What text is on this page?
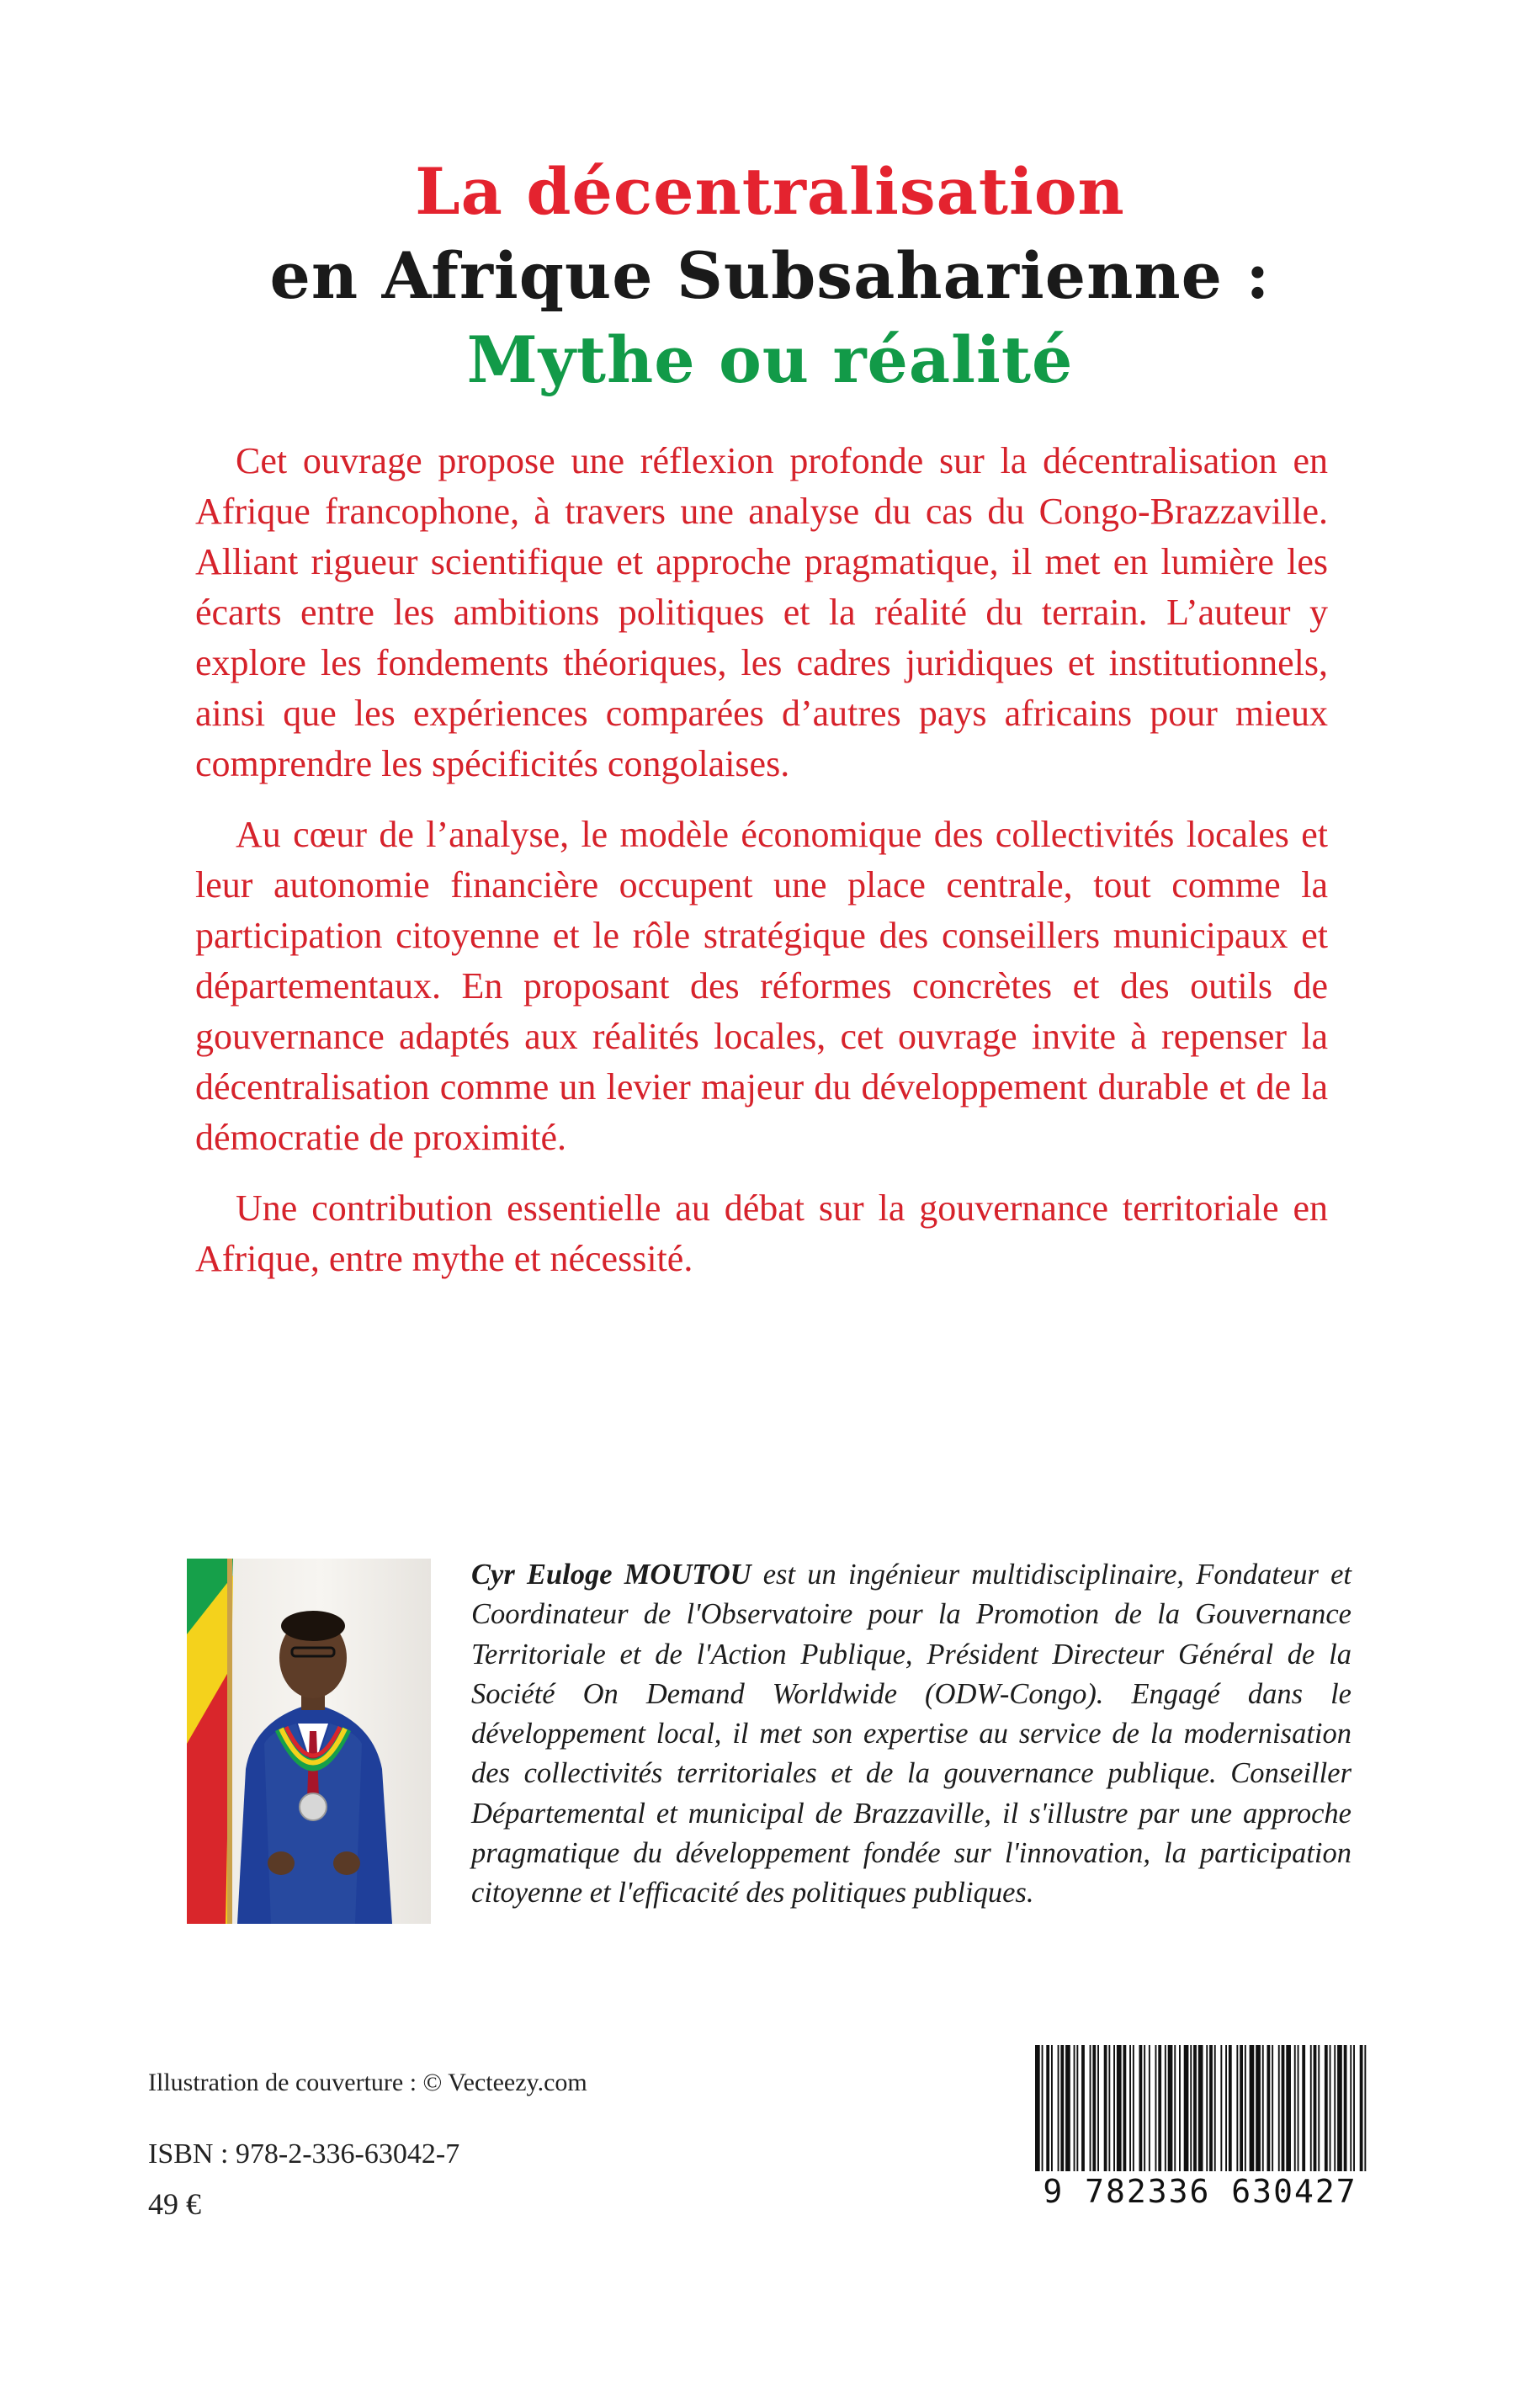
La décentralisation
en Afrique Subsaharienne :
Mythe ou réalité

Cet ouvrage propose une réflexion profonde sur la décentralisation en Afrique francophone, à travers une analyse du cas du Congo-Brazzaville. Alliant rigueur scientifique et approche pragmatique, il met en lumière les écarts entre les ambitions politiques et la réalité du terrain. L’auteur y explore les fondements théoriques, les cadres juridiques et institutionnels, ainsi que les expériences comparées d’autres pays africains pour mieux comprendre les spécificités congolaises.

Au cœur de l’analyse, le modèle économique des collectivités locales et leur autonomie financière occupent une place centrale, tout comme la participation citoyenne et le rôle stratégique des conseillers municipaux et départementaux. En proposant des réformes concrètes et des outils de gouvernance adaptés aux réalités locales, cet ouvrage invite à repenser la décentralisation comme un levier majeur du développement durable et de la démocratie de proximité.

Une contribution essentielle au débat sur la gouvernance territoriale en Afrique, entre mythe et nécessité.

Cyr Euloge MOUTOU est un ingénieur multidisciplinaire, Fondateur et Coordinateur de l'Observatoire pour la Promotion de la Gouvernance Territoriale et de l'Action Publique, Président Directeur Général de la Société On Demand Worldwide (ODW-Congo). Engagé dans le développement local, il met son expertise au service de la modernisation des collectivités territoriales et de la gouvernance publique. Conseiller Départemental et municipal de Brazzaville, il s'illustre par une approche pragmatique du développement fondée sur l'innovation, la participation citoyenne et l'efficacité des politiques publiques.

Illustration de couverture : © Vecteezy.com
ISBN : 978-2-336-63042-7
49 €	9 782336 630427
